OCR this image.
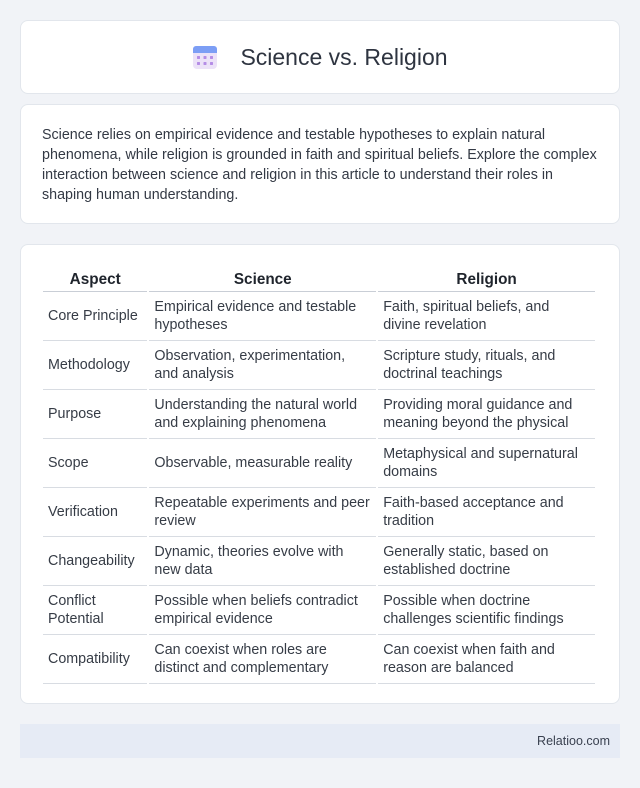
Science vs. Religion

Science relies on empirical evidence and testable hypotheses to explain natural phenomena, while religion is grounded in faith and spiritual beliefs. Explore the complex interaction between science and religion in this article to understand their roles in shaping human understanding.

Aspect	Science	Religion
Core Principle	Empirical evidence and testable hypotheses	Faith, spiritual beliefs, and divine revelation
Methodology	Observation, experimentation, and analysis	Scripture study, rituals, and doctrinal teachings
Purpose	Understanding the natural world and explaining phenomena	Providing moral guidance and meaning beyond the physical
Scope	Observable, measurable reality	Metaphysical and supernatural domains
Verification	Repeatable experiments and peer review	Faith-based acceptance and tradition
Changeability	Dynamic, theories evolve with new data	Generally static, based on established doctrine
Conflict Potential	Possible when beliefs contradict empirical evidence	Possible when doctrine challenges scientific findings
Compatibility	Can coexist when roles are distinct and complementary	Can coexist when faith and reason are balanced
Relatioo.com
